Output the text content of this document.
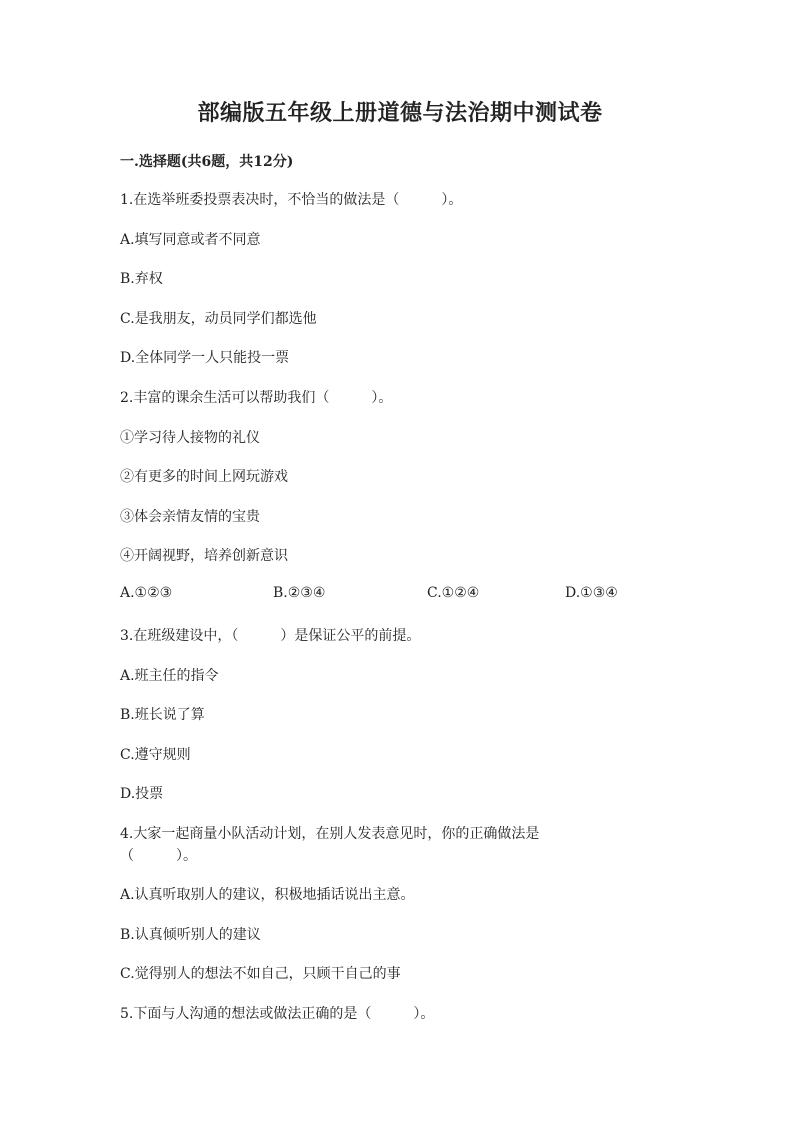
部编版五年级上册道德与法治期中测试卷
一.选择题(共6题，共12分)
1.在选举班委投票表决时，不恰当的做法是（　　　）。
A.填写同意或者不同意
B.弃权
C.是我朋友，动员同学们都选他
D.全体同学一人只能投一票
2.丰富的课余生活可以帮助我们（　　　）。
①学习待人接物的礼仪
②有更多的时间上网玩游戏
③体会亲情友情的宝贵
④开阔视野，培养创新意识
A.①②③	B.②③④	C.①②④	D.①③④
3.在班级建设中，（　　　）是保证公平的前提。
A.班主任的指令
B.班长说了算
C.遵守规则
D.投票
4.大家一起商量小队活动计划，在别人发表意见时，你的正确做法是
（　　　）。
A.认真听取别人的建议，积极地插话说出主意。
B.认真倾听别人的建议
C.觉得别人的想法不如自己，只顾干自己的事
5.下面与人沟通的想法或做法正确的是（　　　）。
